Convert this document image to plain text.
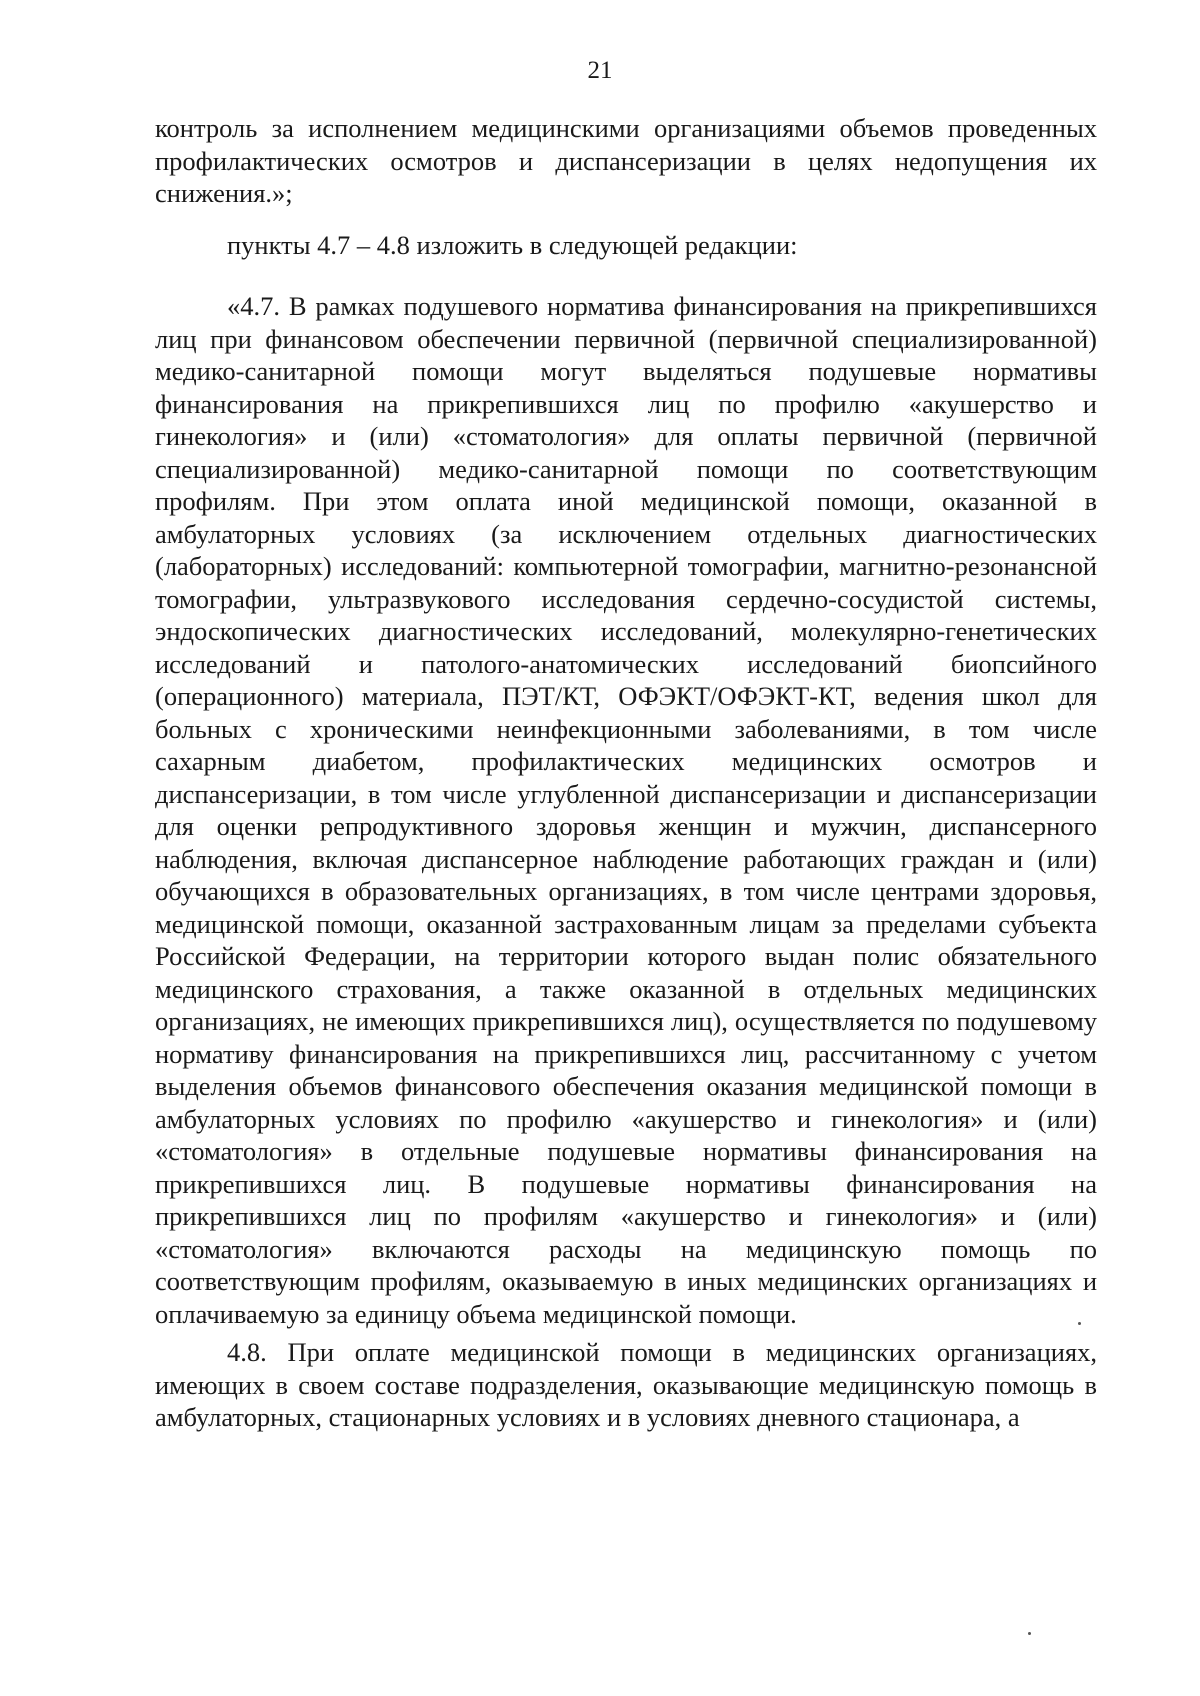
21

контроль за исполнением медицинскими организациями объемов проведенных профилактических осмотров и диспансеризации в целях недопущения их снижения.»;

пункты 4.7 – 4.8 изложить в следующей редакции:

«4.7. В рамках подушевого норматива финансирования на прикрепившихся лиц при финансовом обеспечении первичной (первичной специализированной) медико-санитарной помощи могут выделяться подушевые нормативы финансирования на прикрепившихся лиц по профилю «акушерство и гинекология» и (или) «стоматология» для оплаты первичной (первичной специализированной) медико-санитарной помощи по соответствующим профилям. При этом оплата иной медицинской помощи, оказанной в амбулаторных условиях (за исключением отдельных диагностических (лабораторных) исследований: компьютерной томографии, магнитно-резонансной томографии, ультразвукового исследования сердечно-сосудистой системы, эндоскопических диагностических исследований, молекулярно-генетических исследований и патолого-анатомических исследований биопсийного (операционного) материала, ПЭТ/КТ, ОФЭКТ/ОФЭКТ-КТ, ведения школ для больных с хроническими неинфекционными заболеваниями, в том числе сахарным диабетом, профилактических медицинских осмотров и диспансеризации, в том числе углубленной диспансеризации и диспансеризации для оценки репродуктивного здоровья женщин и мужчин, диспансерного наблюдения, включая диспансерное наблюдение работающих граждан и (или) обучающихся в образовательных организациях, в том числе центрами здоровья, медицинской помощи, оказанной застрахованным лицам за пределами субъекта Российской Федерации, на территории которого выдан полис обязательного медицинского страхования, а также оказанной в отдельных медицинских организациях, не имеющих прикрепившихся лиц), осуществляется по подушевому нормативу финансирования на прикрепившихся лиц, рассчитанному с учетом выделения объемов финансового обеспечения оказания медицинской помощи в амбулаторных условиях по профилю «акушерство и гинекология» и (или) «стоматология» в отдельные подушевые нормативы финансирования на прикрепившихся лиц. В подушевые нормативы финансирования на прикрепившихся лиц по профилям «акушерство и гинекология» и (или) «стоматология» включаются расходы на медицинскую помощь по соответствующим профилям, оказываемую в иных медицинских организациях и оплачиваемую за единицу объема медицинской помощи.

4.8. При оплате медицинской помощи в медицинских организациях, имеющих в своем составе подразделения, оказывающие медицинскую помощь в амбулаторных, стационарных условиях и в условиях дневного стационара, а
